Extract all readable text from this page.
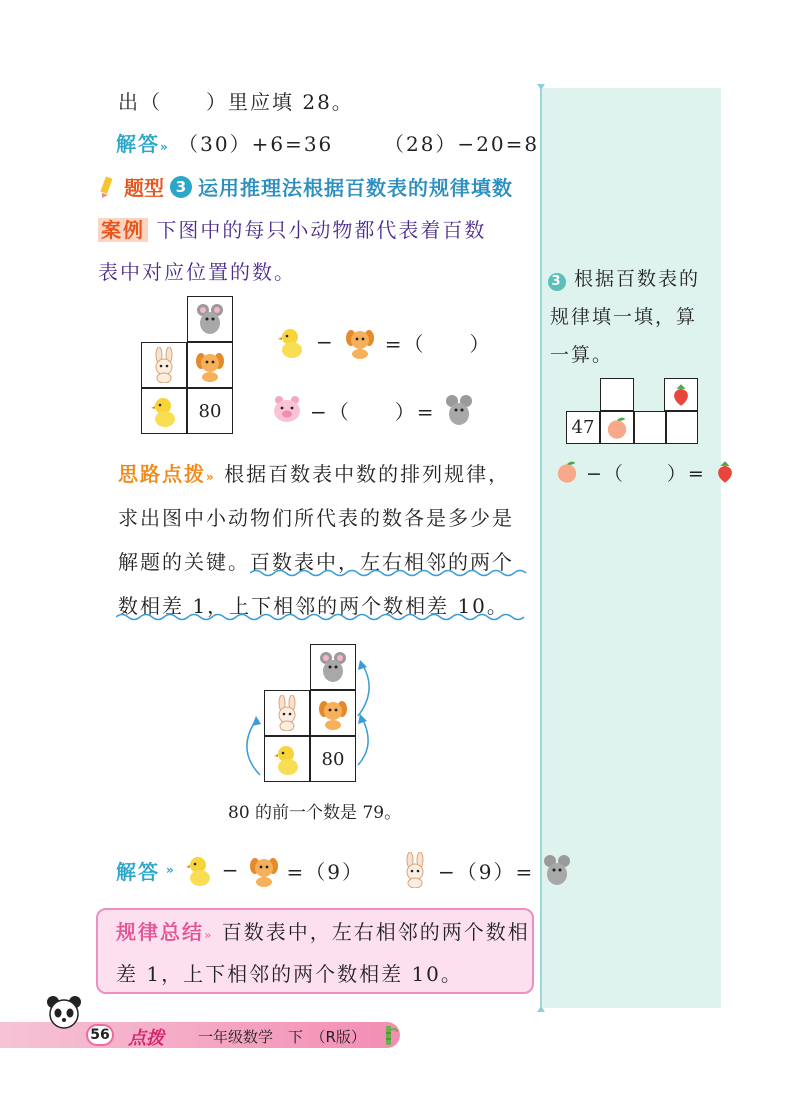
出（　　）里应填 28。
解答» （30）+6=36	（28）−20=8
题型 3 运用推理法根据百数表的规律填数
案例 下图中的每只小动物都代表着百数
表中对应位置的数。
80
−	=（　　）
−（　　）=
思路点拨» 根据百数表中数的排列规律，
求出图中小动物们所代表的数各是多少是
解题的关键。百数表中，左右相邻的两个
数相差 1，上下相邻的两个数相差 10。
80
80 的前一个数是 79。
解答 » − =（9）	−（9）=
规律总结» 百数表中，左右相邻的两个数相
差 1，上下相邻的两个数相差 10。
3 根据百数表的
规律填一填，算
一算。
47
−（　　）=
56 点拨 一年级数学　下　（R版）
